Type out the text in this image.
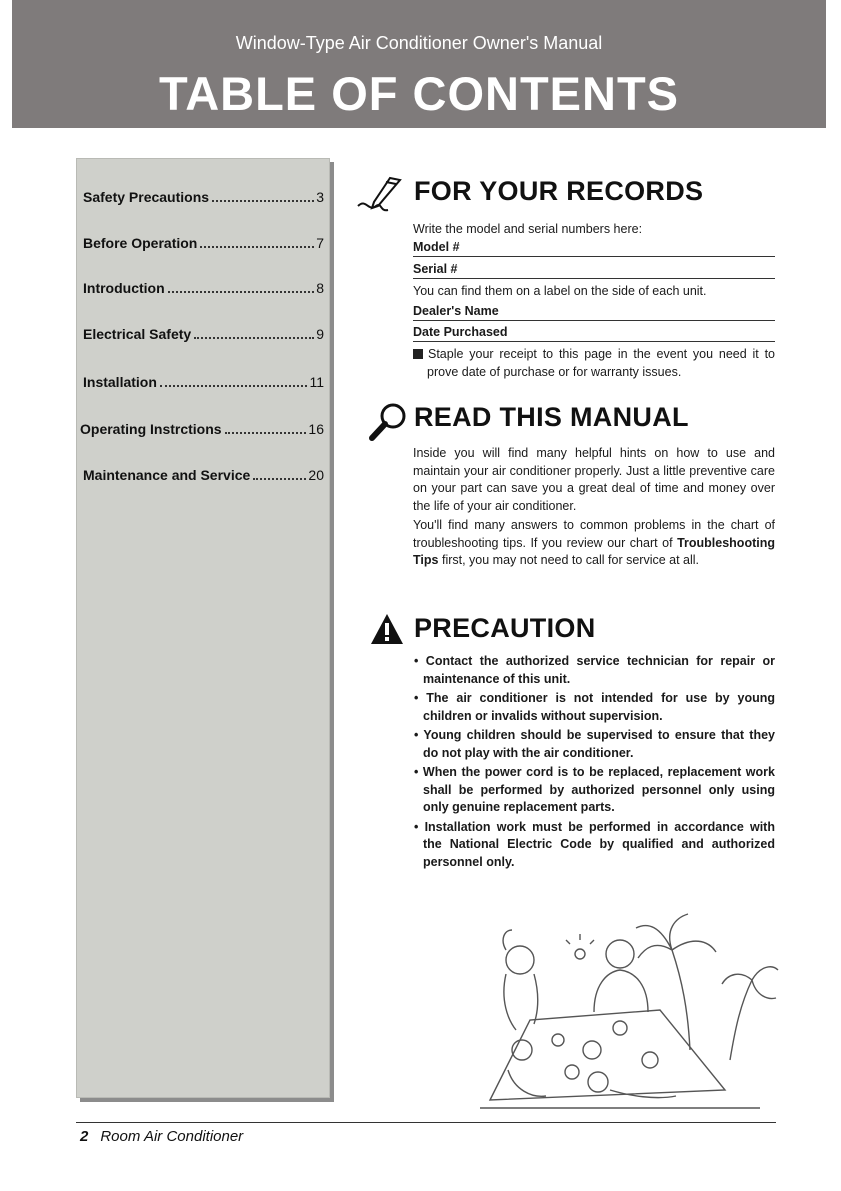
Window-Type Air Conditioner Owner's Manual
TABLE OF CONTENTS
Safety Precautions	3
Before Operation	7
Introduction	8
Electrical Safety	9
Installation	11
Operating Instrctions	16
Maintenance and Service	20
FOR YOUR RECORDS
Write the model and serial numbers here:
Model #
Serial #
You can find them on a label on the side of each unit.
Dealer's Name
Date Purchased
Staple your receipt to this page in the event you need it to prove date of purchase or for warranty issues.
READ THIS MANUAL
Inside you will find many helpful hints on how to use and maintain your air conditioner properly. Just a little preventive care on your part can save you a great deal of time and money over the life of your air conditioner.
You'll find many answers to common problems in the chart of troubleshooting tips. If you review our chart of Troubleshooting Tips first, you may not need to call for service at all.
PRECAUTION
• Contact the authorized service technician for repair or maintenance of this unit.
• The air conditioner is not intended for use by young children or invalids without supervision.
• Young children should be supervised to ensure that they do not play with the air conditioner.
• When the power cord is to be replaced, replacement work shall be performed by authorized personnel only using only genuine replacement parts.
• Installation work must be performed in accordance with the National Electric Code by qualified and authorized personnel only.
2 Room Air Conditioner
